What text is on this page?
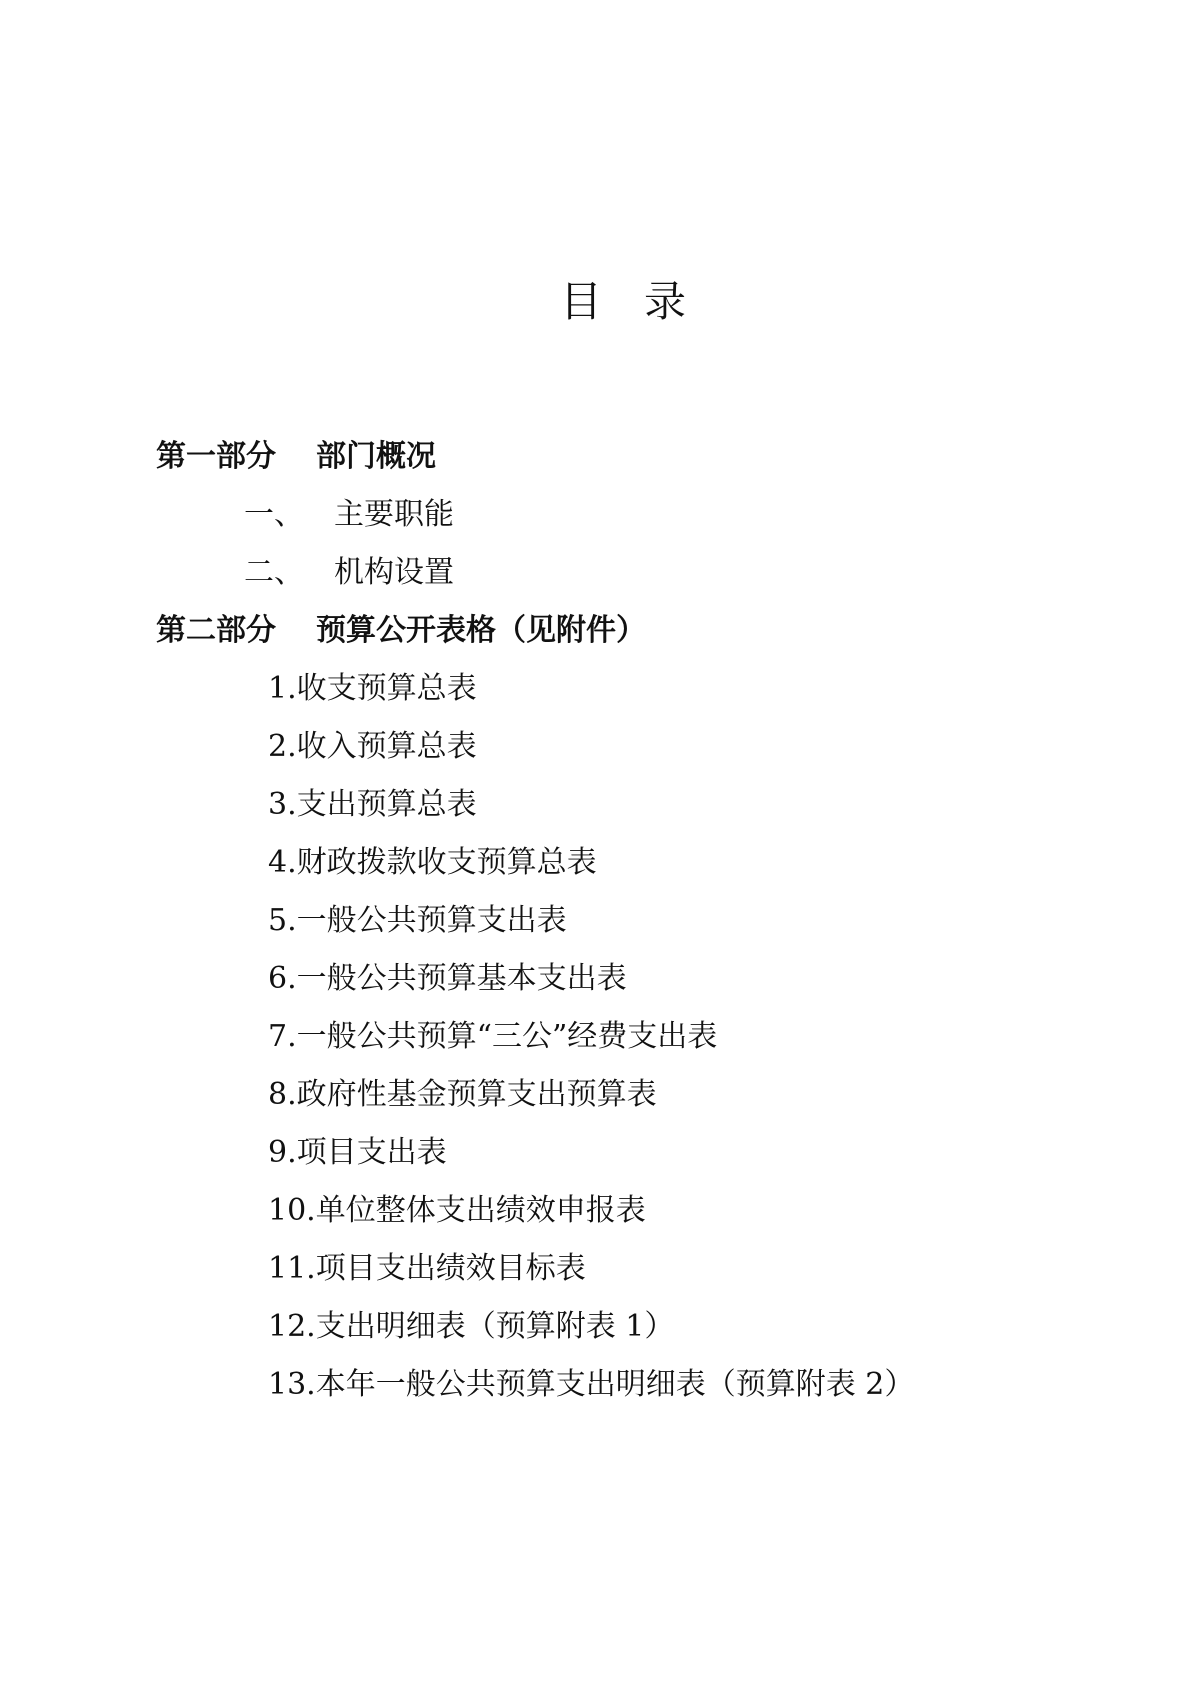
目 录
第一部分 部门概况
一、 主要职能
二、 机构设置
第二部分 预算公开表格（见附件）
1.收支预算总表
2.收入预算总表
3.支出预算总表
4.财政拨款收支预算总表
5.一般公共预算支出表
6.一般公共预算基本支出表
7.一般公共预算“三公”经费支出表
8.政府性基金预算支出预算表
9.项目支出表
10.单位整体支出绩效申报表
11.项目支出绩效目标表
12.支出明细表（预算附表 1）
13.本年一般公共预算支出明细表（预算附表 2）
